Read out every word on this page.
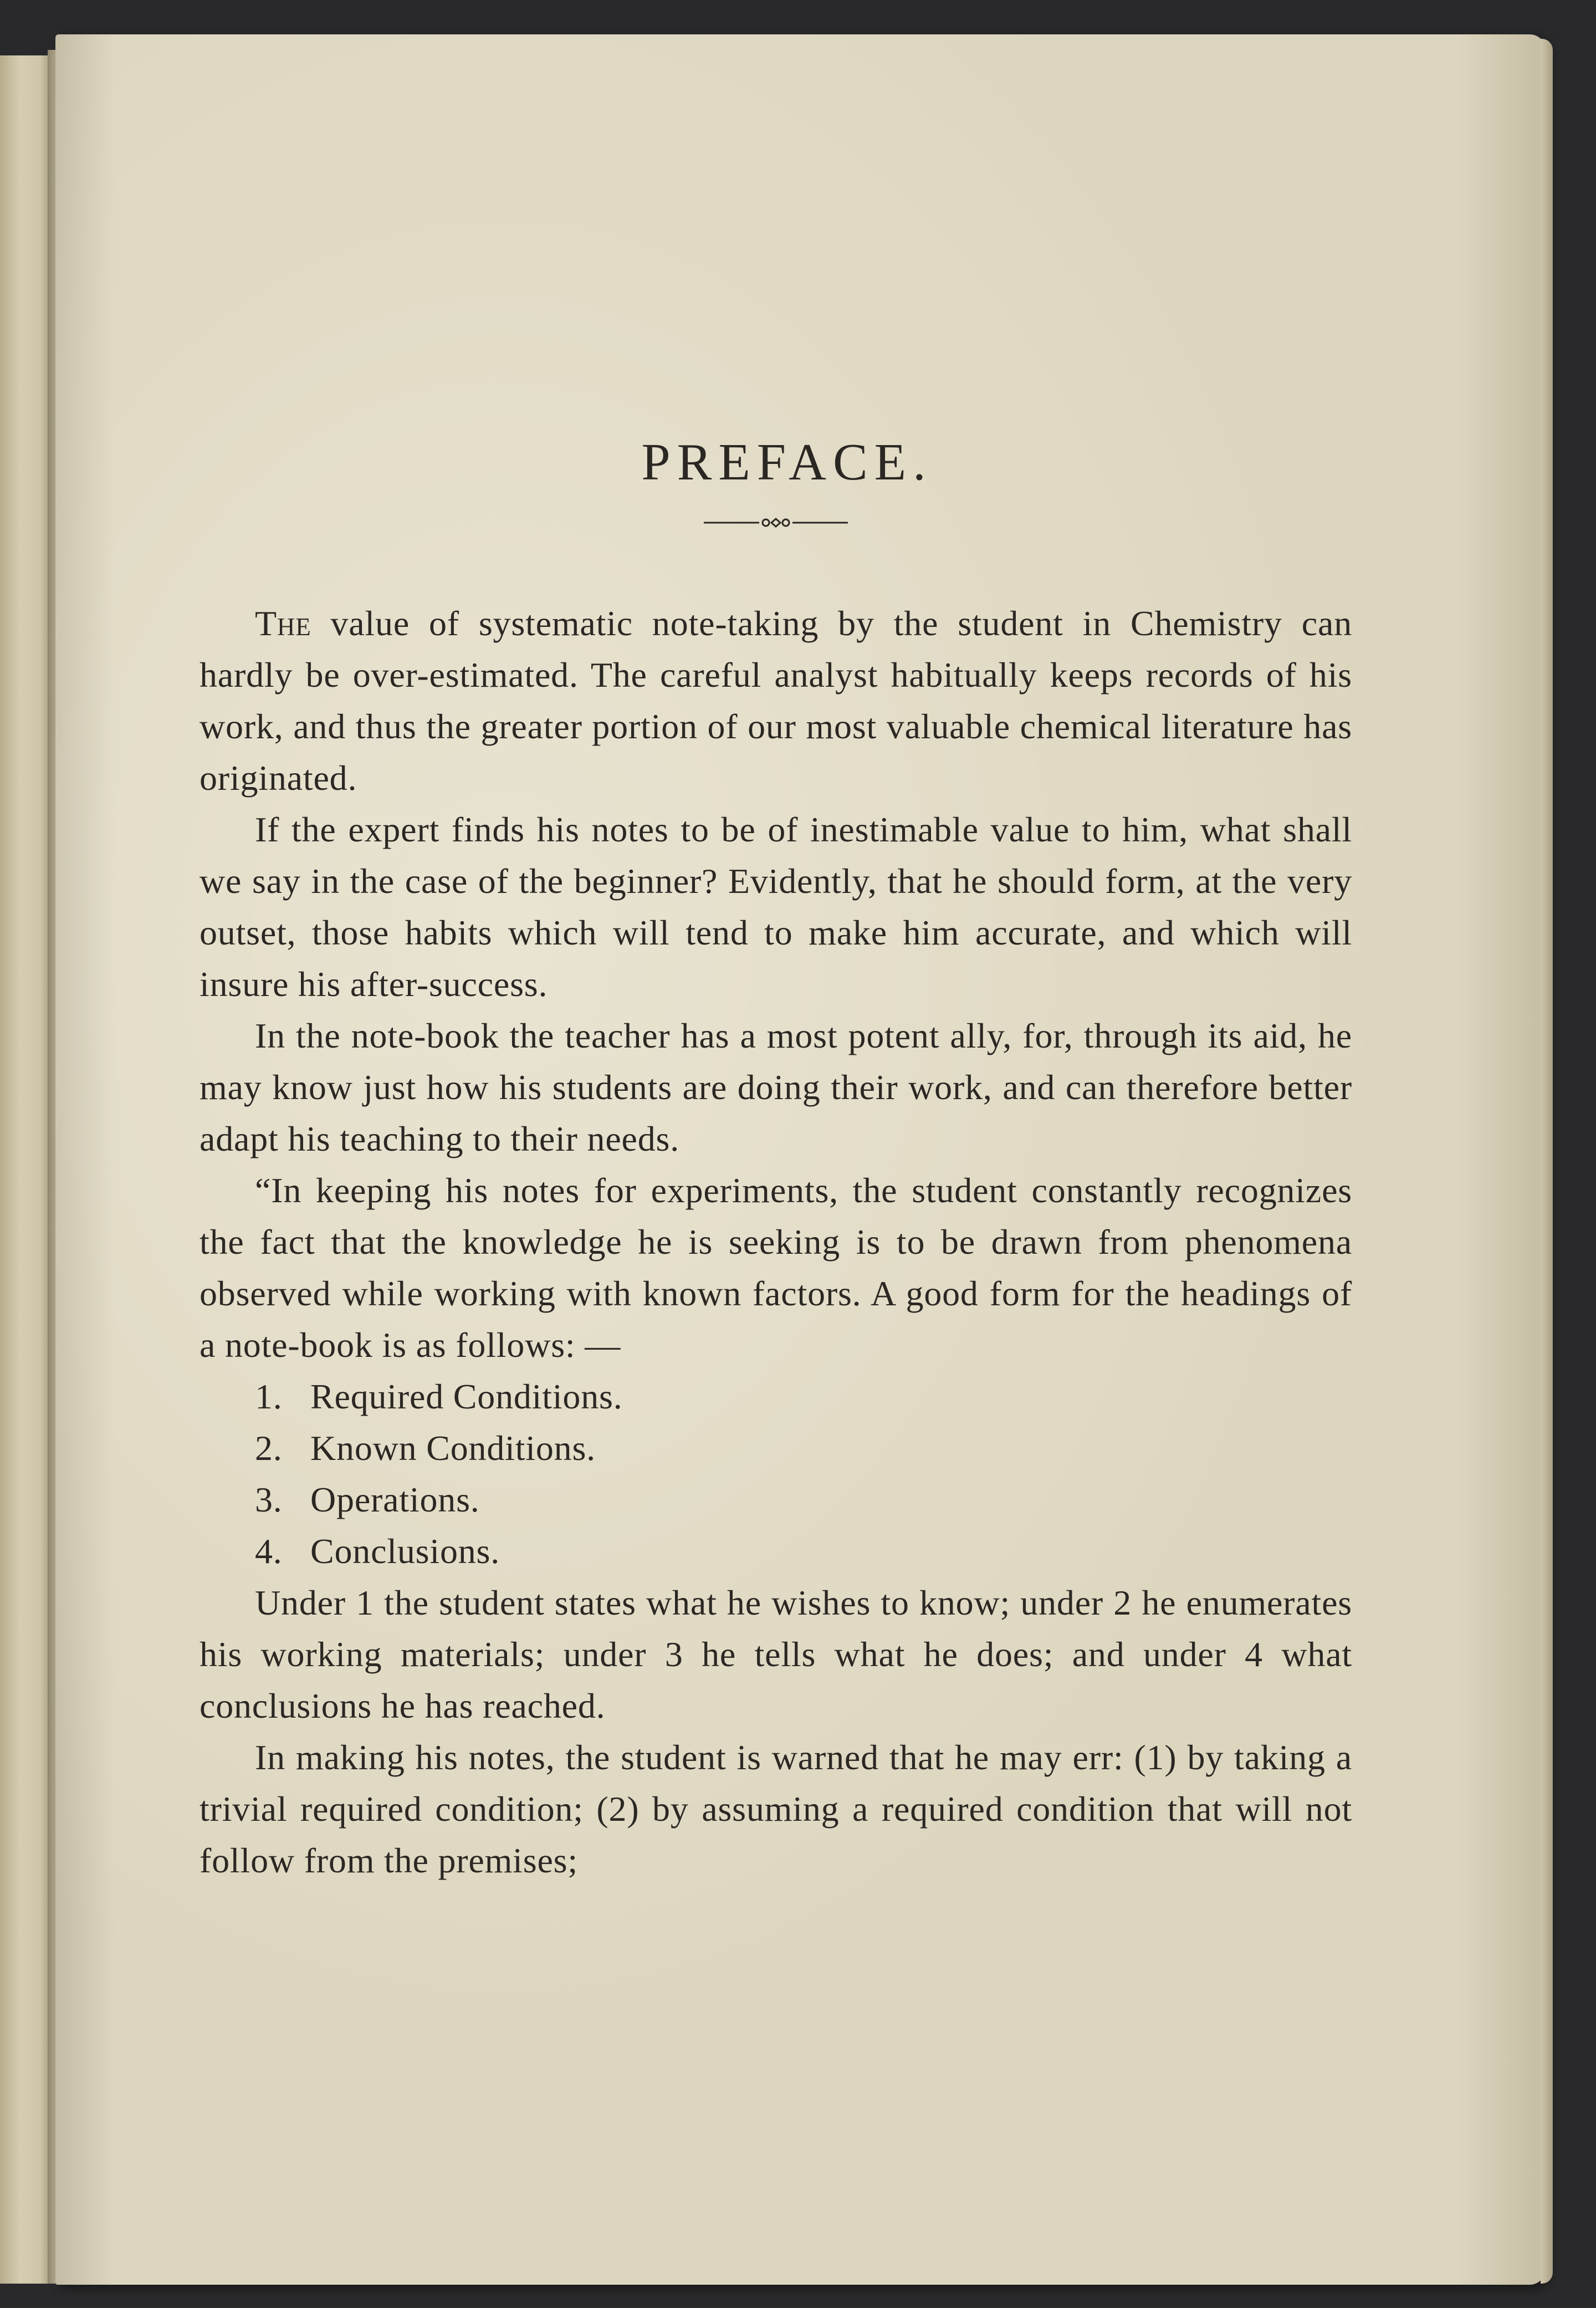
PREFACE.

The value of systematic note-taking by the student in Chemistry can hardly be over-estimated. The careful analyst habitually keeps records of his work, and thus the greater portion of our most valuable chemical literature has originated.

If the expert finds his notes to be of inestimable value to him, what shall we say in the case of the beginner? Evidently, that he should form, at the very outset, those habits which will tend to make him accurate, and which will insure his after-success.

In the note-book the teacher has a most potent ally, for, through its aid, he may know just how his students are doing their work, and can therefore better adapt his teaching to their needs.

“In keeping his notes for experiments, the student constantly recognizes the fact that the knowledge he is seeking is to be drawn from phenomena observed while working with known factors. A good form for the headings of a note-book is as follows: —

1. Required Conditions.
2. Known Conditions.
3. Operations.
4. Conclusions.

Under 1 the student states what he wishes to know; under 2 he enumerates his working materials; under 3 he tells what he does; and under 4 what conclusions he has reached.

In making his notes, the student is warned that he may err: (1) by taking a trivial required condition; (2) by assuming a required condition that will not follow from the premises;
